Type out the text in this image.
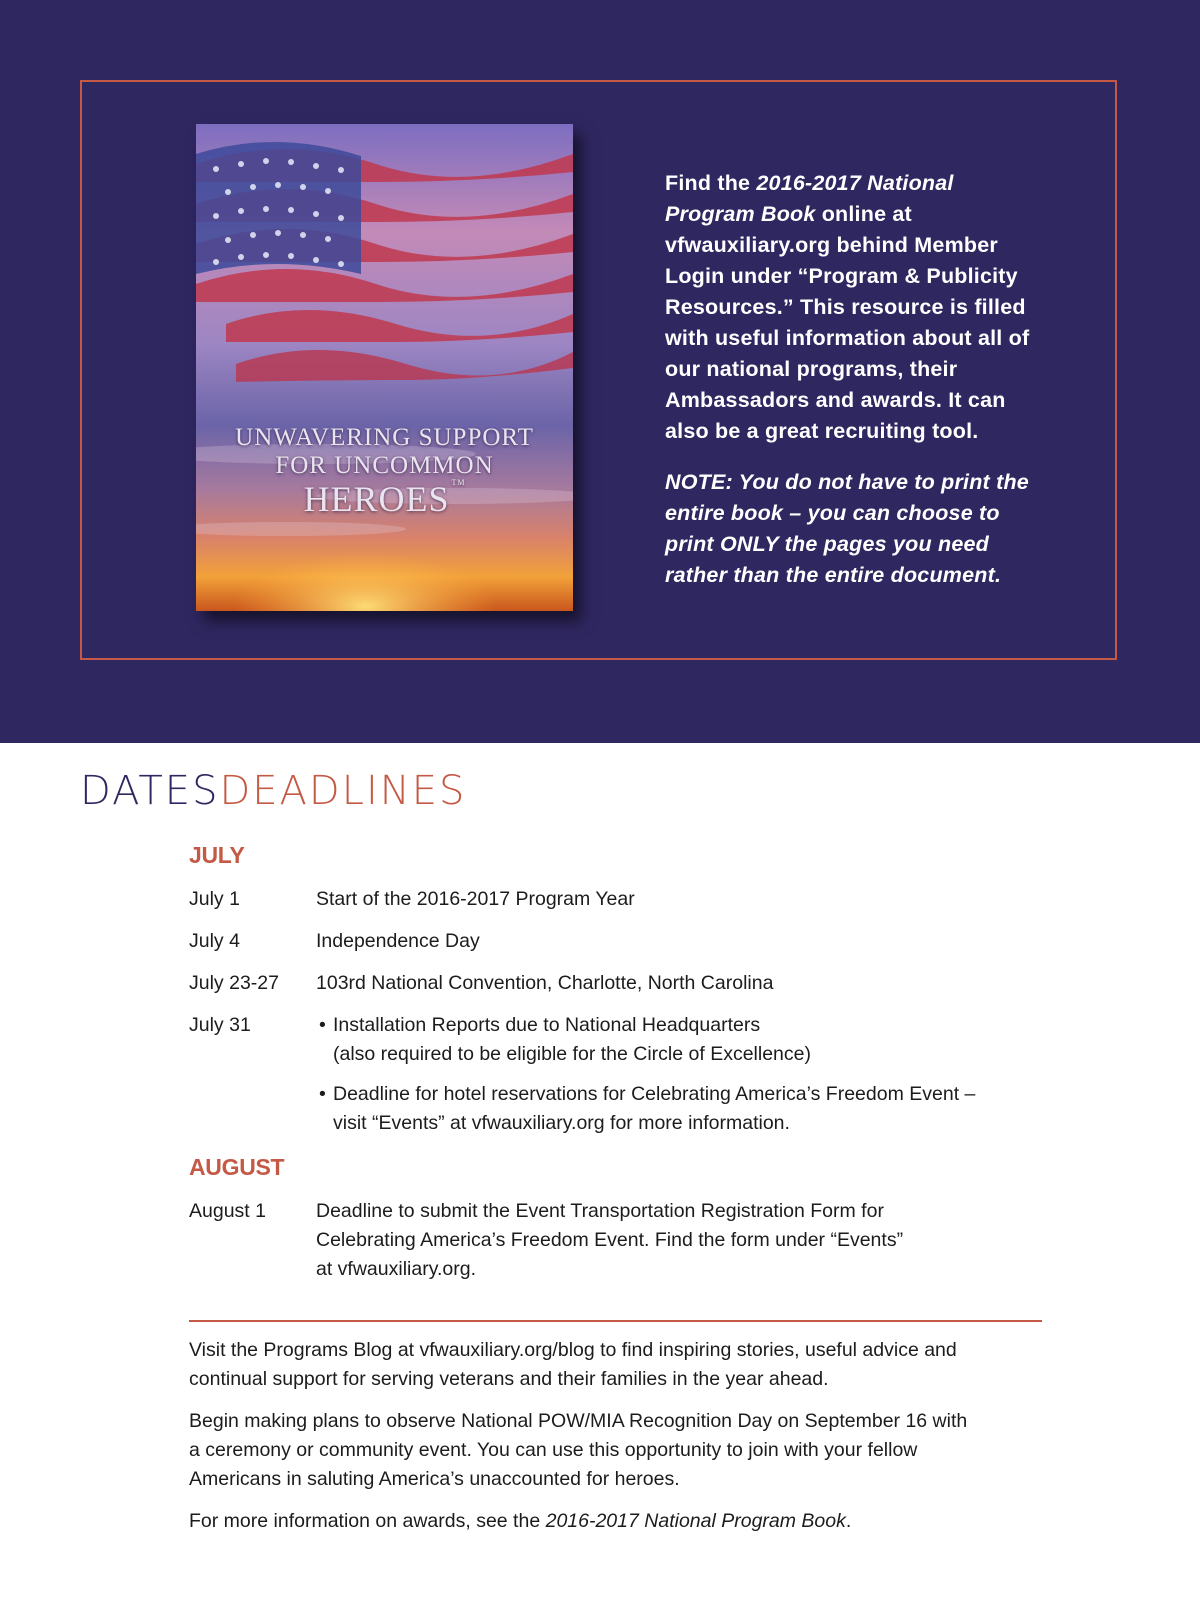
UNWAVERING SUPPORT
FOR UNCOMMON
HEROES ™

Find the 2016-2017 National Program Book online at vfwauxiliary.org behind Member Login under “Program & Publicity Resources.” This resource is filled with useful information about all of our national programs, their Ambassadors and awards. It can also be a great recruiting tool.

NOTE: You do not have to print the entire book – you can choose to print ONLY the pages you need rather than the entire document.

DATESDEADLINES
JULY
July 1	Start of the 2016-2017 Program Year
July 4	Independence Day
July 23-27	103rd National Convention, Charlotte, North Carolina
July 31	• Installation Reports due to National Headquarters
(also required to be eligible for the Circle of Excellence)
• Deadline for hotel reservations for Celebrating America’s Freedom Event –
visit “Events” at vfwauxiliary.org for more information.
AUGUST
August 1	Deadline to submit the Event Transportation Registration Form for
Celebrating America’s Freedom Event. Find the form under “Events”
at vfwauxiliary.org.
Visit the Programs Blog at vfwauxiliary.org/blog to find inspiring stories, useful advice and
continual support for serving veterans and their families in the year ahead.
Begin making plans to observe National POW/MIA Recognition Day on September 16 with
a ceremony or community event. You can use this opportunity to join with your fellow
Americans in saluting America’s unaccounted for heroes.
For more information on awards, see the 2016-2017 National Program Book.
